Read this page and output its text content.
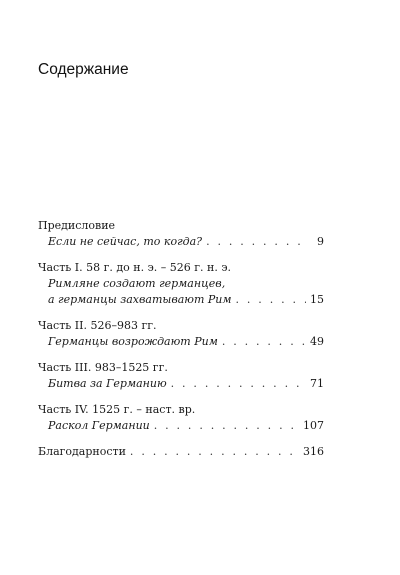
Содержание
Предисловие
Если не сейчас, то когда? . . .	9
Часть I. 58 г. до н. э. – 526 г. н. э.
Римляне создают германцев,
а германцы захватывают Рим . . .	15
Часть II. 526–983 гг.
Германцы возрождают Рим . . .	49
Часть III. 983–1525 гг.
Битва за Германию . . .	71
Часть IV. 1525 г. – наст. вр.
Раскол Германии . . .	107
Благодарности . . .	316
